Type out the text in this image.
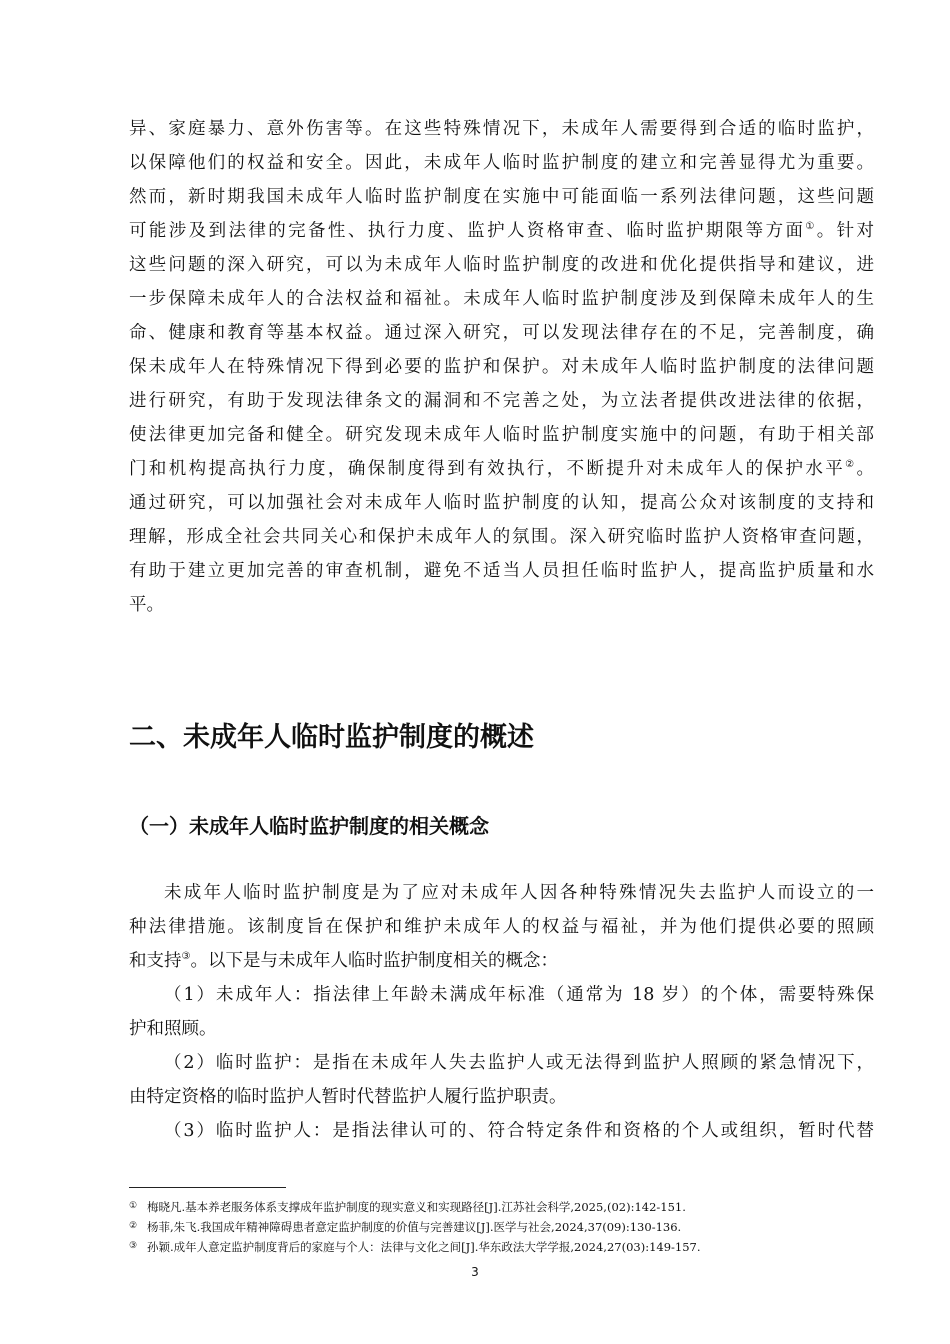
异、家庭暴力、意外伤害等。在这些特殊情况下，未成年人需要得到合适的临时监护，
以保障他们的权益和安全。因此，未成年人临时监护制度的建立和完善显得尤为重要。
然而，新时期我国未成年人临时监护制度在实施中可能面临一系列法律问题，这些问题
可能涉及到法律的完备性、执行力度、监护人资格审查、临时监护期限等方面①。针对
这些问题的深入研究，可以为未成年人临时监护制度的改进和优化提供指导和建议，进
一步保障未成年人的合法权益和福祉。未成年人临时监护制度涉及到保障未成年人的生
命、健康和教育等基本权益。通过深入研究，可以发现法律存在的不足，完善制度，确
保未成年人在特殊情况下得到必要的监护和保护。对未成年人临时监护制度的法律问题
进行研究，有助于发现法律条文的漏洞和不完善之处，为立法者提供改进法律的依据，
使法律更加完备和健全。研究发现未成年人临时监护制度实施中的问题，有助于相关部
门和机构提高执行力度，确保制度得到有效执行，不断提升对未成年人的保护水平②。
通过研究，可以加强社会对未成年人临时监护制度的认知，提高公众对该制度的支持和
理解，形成全社会共同关心和保护未成年人的氛围。深入研究临时监护人资格审查问题，
有助于建立更加完善的审查机制，避免不适当人员担任临时监护人，提高监护质量和水
平。
二、未成年人临时监护制度的概述
（一）未成年人临时监护制度的相关概念
未成年人临时监护制度是为了应对未成年人因各种特殊情况失去监护人而设立的一
种法律措施。该制度旨在保护和维护未成年人的权益与福祉，并为他们提供必要的照顾
和支持③。以下是与未成年人临时监护制度相关的概念：
（1）未成年人：指法律上年龄未满成年标准（通常为 18 岁）的个体，需要特殊保
护和照顾。
（2）临时监护：是指在未成年人失去监护人或无法得到监护人照顾的紧急情况下，
由特定资格的临时监护人暂时代替监护人履行监护职责。
（3）临时监护人：是指法律认可的、符合特定条件和资格的个人或组织，暂时代替
① 梅晓凡.基本养老服务体系支撑成年监护制度的现实意义和实现路径[J].江苏社会科学,2025,(02):142-151.
② 杨菲,朱飞.我国成年精神障碍患者意定监护制度的价值与完善建议[J].医学与社会,2024,37(09):130-136.
③ 孙颖.成年人意定监护制度背后的家庭与个人：法律与文化之间[J].华东政法大学学报,2024,27(03):149-157.
3
